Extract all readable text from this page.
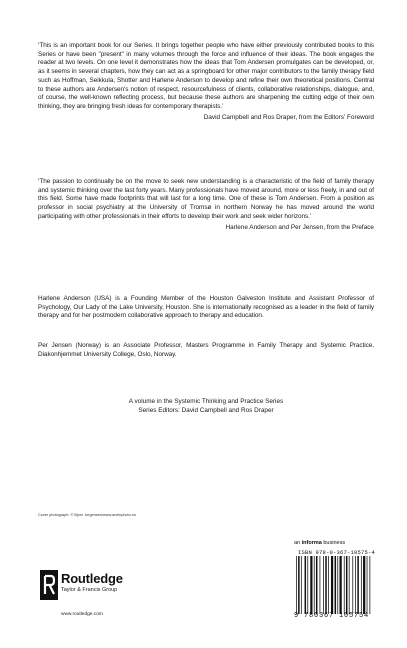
‘This is an important book for our Series. It brings together people who have either previously contributed books to this Series or have been "present" in many volumes through the force and influence of their ideas. The book engages the reader at two levels. On one level it demonstrates how the ideas that Tom Andersen promulgates can be developed, or, as it seems in several chapters, how they can act as a springboard for other major contributors to the family therapy field such as Hoffman, Seikkula, Shotter and Harlene Anderson to develop and refine their own theoretical positions. Central to these authors are Andersen's notion of respect, resourcefulness of clients, collaborative relationships, dialogue, and, of course, the well-known reflecting process, but because these authors are sharpening the cutting edge of their own thinking, they are bringing fresh ideas for contemporary therapists.’

David Campbell and Ros Draper, from the Editors' Foreword

‘The passion to continually be on the move to seek new understanding is a characteristic of the field of family therapy and systemic thinking over the last forty years. Many professionals have moved around, more or less freely, in and out of this field. Some have made footprints that will last for a long time. One of these is Tom Andersen. From a position as professor in social psychiatry at the University of Tromsø in northern Norway he has moved around the world participating with other professionals in their efforts to develop their work and seek wider horizons.’

Harlene Anderson and Per Jensen, from the Preface

Harlene Anderson (USA) is a Founding Member of the Houston Galveston Institute and Assistant Professor of Psychology, Our Lady of the Lake University, Houston. She is internationally recognised as a leader in the field of family therapy and for her postmodern collaborative approach to therapy and education.

Per Jensen (Norway) is an Associate Professor, Masters Programme in Family Therapy and Systemic Practice, Diakonhjemmet University College, Oslo, Norway.

A volume in the Systemic Thinking and Practice Series

Series Editors: David Campbell and Ros Draper

Cover photograph: © Bjorn Jorgensen/www.arcticphoto.no
Routledge
Taylor & Francis Group
www.routledge.com
an informa business
ISBN 978-0-367-10575-4
9 780367 105754
